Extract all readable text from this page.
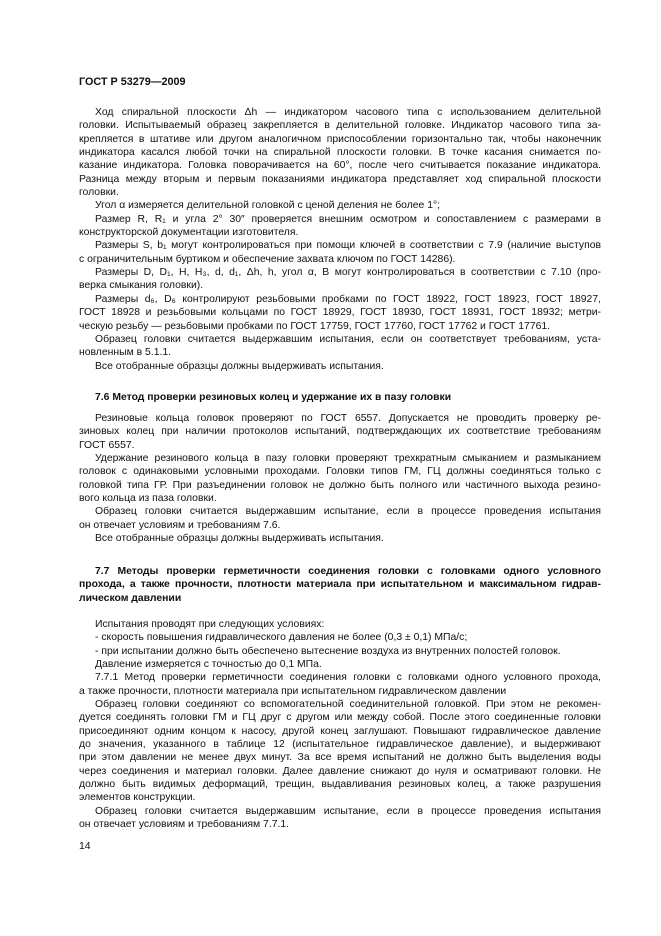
ГОСТ Р 53279—2009
Ход спиральной плоскости Δh — индикатором часового типа с использованием делительной
головки. Испытываемый образец закрепляется в делительной головке. Индикатор часового типа за-
крепляется в штативе или другом аналогичном приспособлении горизонтально так, чтобы наконечник
индикатора касался любой точки на спиральной плоскости головки. В точке касания снимается по-
казание индикатора. Головка поворачивается на 60°, после чего считывается показание индикатора.
Разница между вторым и первым показаниями индикатора представляет ход спиральной плоскости
головки.
Угол α измеряется делительной головкой с ценой деления не более 1°;
Размер R, R₁ и угла 2° 30″ проверяется внешним осмотром и сопоставлением с размерами в
конструкторской документации изготовителя.
Размеры S, b₁ могут контролироваться при помощи ключей в соответствии с 7.9 (наличие выступов
с ограничительным буртиком и обеспечение захвата ключом по ГОСТ 14286).
Размеры D, D₁, H, H₃, d, d₁, Δh, h, угол α, B могут контролироваться в соответствии с 7.10 (про-
верка смыкания головки).
Размеры d₆, D₆ контролируют резьбовыми пробками по ГОСТ 18922, ГОСТ 18923, ГОСТ 18927,
ГОСТ 18928 и резьбовыми кольцами по ГОСТ 18929, ГОСТ 18930, ГОСТ 18931, ГОСТ 18932; метри-
ческую резьбу — резьбовыми пробками по ГОСТ 17759, ГОСТ 17760, ГОСТ 17762 и ГОСТ 17761.
Образец головки считается выдержавшим испытания, если он соответствует требованиям, уста-
новленным в 5.1.1.
Все отобранные образцы должны выдерживать испытания.
7.6 Метод проверки резиновых колец и удержание их в пазу головки
Резиновые кольца головок проверяют по ГОСТ 6557. Допускается не проводить проверку ре-
зиновых колец при наличии протоколов испытаний, подтверждающих их соответствие требованиям
ГОСТ 6557.
Удержание резинового кольца в пазу головки проверяют трехкратным смыканием и размыканием
головок с одинаковыми условными проходами. Головки типов ГМ, ГЦ должны соединяться только с
головкой типа ГР. При разъединении головок не должно быть полного или частичного выхода резино-
вого кольца из паза головки.
Образец головки считается выдержавшим испытание, если в процессе проведения испытания
он отвечает условиям и требованиям 7.6.
Все отобранные образцы должны выдерживать испытания.
7.7 Методы проверки герметичности соединения головки с головками одного условного
прохода, а также прочности, плотности материала при испытательном и максимальном гидрав-
лическом давлении
Испытания проводят при следующих условиях:
- скорость повышения гидравлического давления не более (0,3 ± 0,1) МПа/с;
- при испытании должно быть обеспечено вытеснение воздуха из внутренних полостей головок.
Давление измеряется с точностью до 0,1 МПа.
7.7.1 Метод проверки герметичности соединения головки с головками одного условного прохода,
а также прочности, плотности материала при испытательном гидравлическом давлении
Образец головки соединяют со вспомогательной соединительной головкой. При этом не рекомен-
дуется соединять головки ГМ и ГЦ друг с другом или между собой. После этого соединенные головки
присоединяют одним концом к насосу, другой конец заглушают. Повышают гидравлическое давление
до значения, указанного в таблице 12 (испытательное гидравлическое давление), и выдерживают
при этом давлении не менее двух минут. За все время испытаний не должно быть выделения воды
через соединения и материал головки. Далее давление снижают до нуля и осматривают головки. Не
должно быть видимых деформаций, трещин, выдавливания резиновых колец, а также разрушения
элементов конструкции.
Образец головки считается выдержавшим испытание, если в процессе проведения испытания
он отвечает условиям и требованиям 7.7.1.
14
